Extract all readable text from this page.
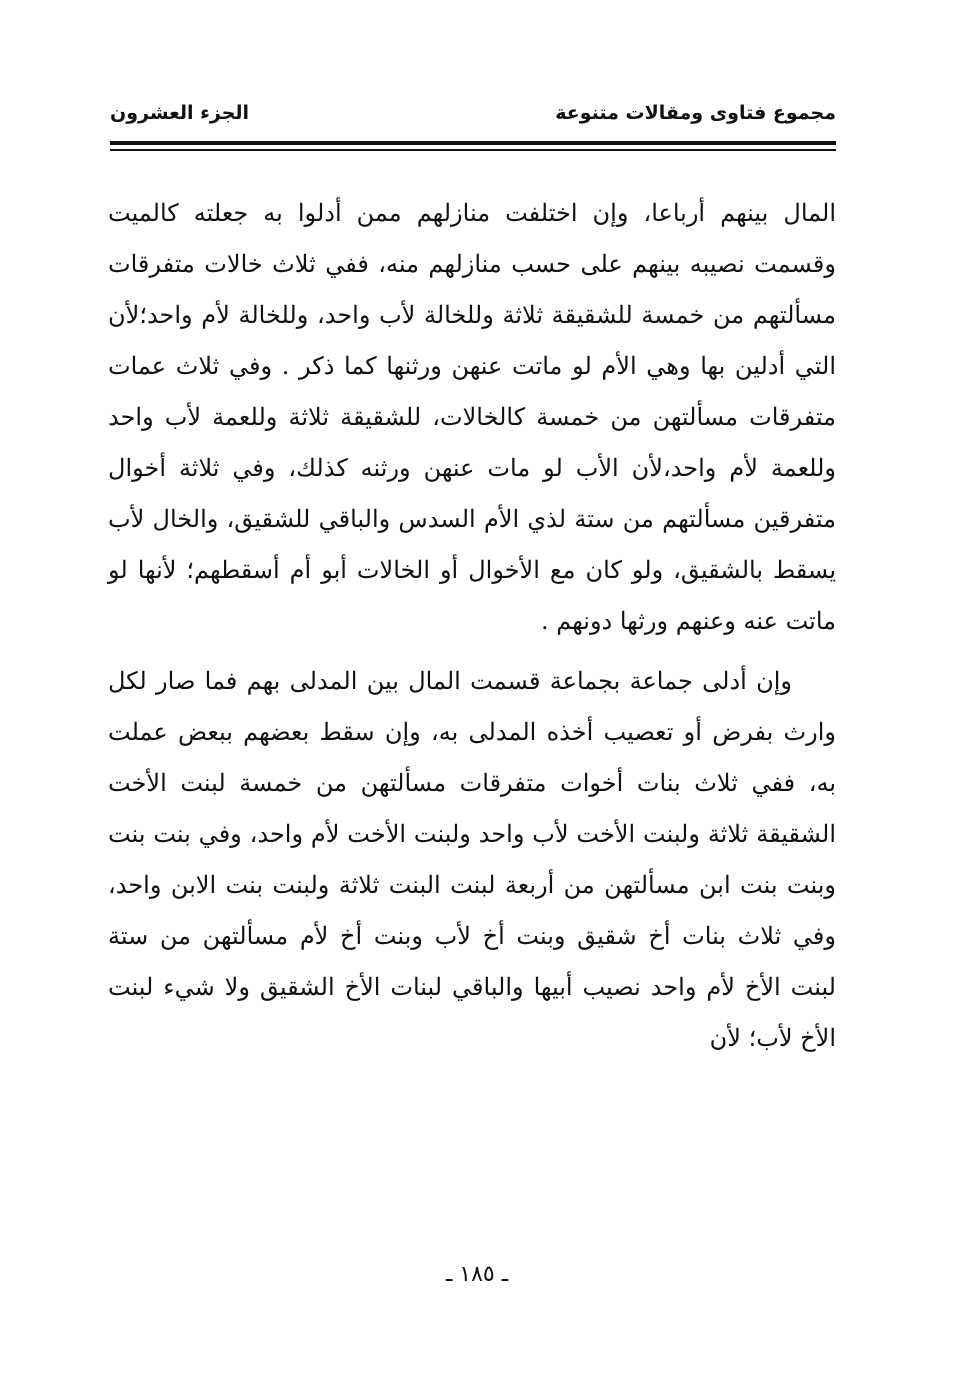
مجموع فتاوى ومقالات متنوعة
الجزء العشرون

المال بينهم أرباعا، وإن اختلفت منازلهم ممن أدلوا به جعلته كالميت وقسمت نصيبه بينهم على حسب منازلهم منه، ففي ثلاث خالات متفرقات مسألتهم من خمسة للشقيقة ثلاثة وللخالة لأب واحد، وللخالة لأم واحد؛لأن التي أدلين بها وهي الأم لو ماتت عنهن ورثنها كما ذكر . وفي ثلاث عمات متفرقات مسألتهن من خمسة كالخالات، للشقيقة ثلاثة وللعمة لأب واحد وللعمة لأم واحد،لأن الأب لو مات عنهن ورثنه كذلك، وفي ثلاثة أخوال متفرقين مسألتهم من ستة لذي الأم السدس والباقي للشقيق، والخال لأب يسقط بالشقيق، ولو كان مع الأخوال أو الخالات أبو أم أسقطهم؛ لأنها لو ماتت عنه وعنهم ورثها دونهم .

وإن أدلى جماعة بجماعة قسمت المال بين المدلى بهم فما صار لكل وارث بفرض أو تعصيب أخذه المدلى به، وإن سقط بعضهم ببعض عملت به، ففي ثلاث بنات أخوات متفرقات مسألتهن من خمسة لبنت الأخت الشقيقة ثلاثة ولبنت الأخت لأب واحد ولبنت الأخت لأم واحد، وفي بنت بنت وبنت بنت ابن مسألتهن من أربعة لبنت البنت ثلاثة ولبنت بنت الابن واحد، وفي ثلاث بنات أخ شقيق وبنت أخ لأب وبنت أخ لأم مسألتهن من ستة لبنت الأخ لأم واحد نصيب أبيها والباقي لبنات الأخ الشقيق ولا شيء لبنت الأخ لأب؛ لأن

ـ ١٨٥ ـ
